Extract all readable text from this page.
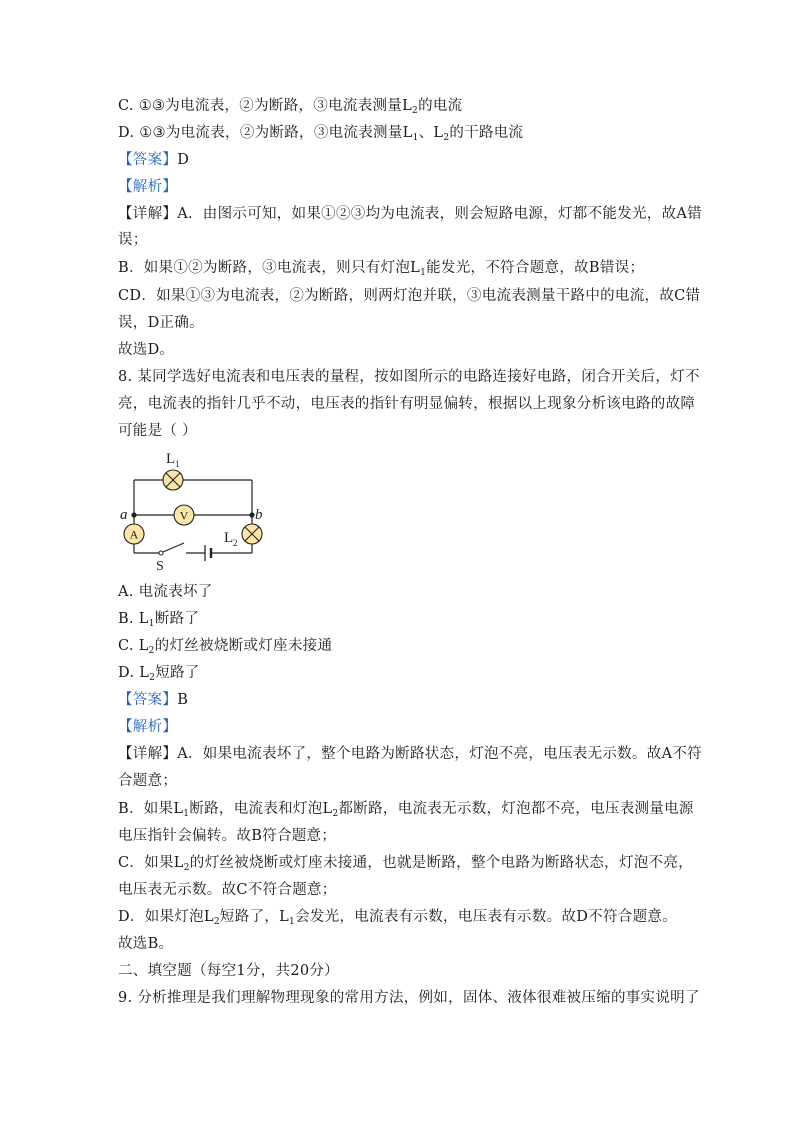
C. ①③为电流表，②为断路，③电流表测量$L_2$的电流
D. ①③为电流表，②为断路，③电流表测量$L_1$、$L_2$的干路电流
【答案】D
【解析】
【详解】A．由图示可知，如果①②③均为电流表，则会短路电源，灯都不能发光，故A错
误；
B．如果①②为断路，③电流表，则只有灯泡$L_1$能发光，不符合题意，故B错误；
CD．如果①③为电流表，②为断路，则两灯泡并联，③电流表测量干路中的电流，故C错
误，D正确。
故选D。
8. 某同学选好电流表和电压表的量程，按如图所示的电路连接好电路，闭合开关后，灯不
亮，电流表的指针几乎不动，电压表的指针有明显偏转，根据以上现象分析该电路的故障
可能是（ ）
V
A
L 1
L 2
a	b
S
A. 电流表坏了
B. $L_1$断路了
C. $L_2$的灯丝被烧断或灯座未接通
D. $L_2$短路了
【答案】B
【解析】
【详解】A．如果电流表坏了，整个电路为断路状态，灯泡不亮，电压表无示数。故A不符
合题意；
B．如果$L_1$断路，电流表和灯泡$L_2$都断路，电流表无示数，灯泡都不亮，电压表测量电源
电压指针会偏转。故B符合题意；
C．如果$L_2$的灯丝被烧断或灯座未接通，也就是断路，整个电路为断路状态，灯泡不亮，
电压表无示数。故C不符合题意；
D．如果灯泡$L_2$短路了，$L_1$会发光，电流表有示数，电压表有示数。故D不符合题意。
故选B。
二、填空题（每空1分，共20分）
9. 分析推理是我们理解物理现象的常用方法，例如，固体、液体很难被压缩的事实说明了
